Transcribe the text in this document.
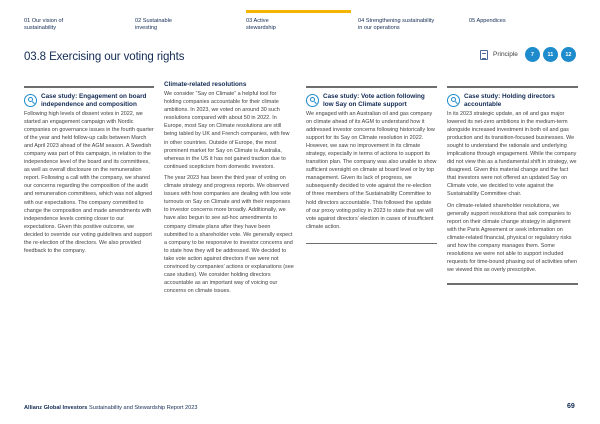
01 Our vision of
sustainability
02 Sustainable
investing
03 Active
stewardship
04 Strengthening sustainability
in our operations
05 Appendices
03.8 Exercising our voting rights	Principle	7	11	12
Case study: Engagement on board independence and composition

Following high levels of dissent votes in 2022, we started an engagement campaign with Nordic companies on governance issues in the fourth quarter of the year and held follow-up calls between March and April 2023 ahead of the AGM season. A Swedish company was part of this campaign, in relation to the independence level of the board and its committees, as well as overall disclosure on the remuneration report. Following a call with the company, we shared our concerns regarding the composition of the audit and remuneration committees, which was not aligned with our expectations. The company committed to change the composition and made amendments with independence levels coming closer to our expectations. Given this positive outcome, we decided to override our voting guidelines and support the re-election of the directors. We also provided feedback to the company.

Climate-related resolutions

We consider “Say on Climate” a helpful tool for holding companies accountable for their climate ambitions. In 2023, we voted on around 30 such resolutions compared with about 50 in 2022. In Europe, most Say on Climate resolutions are still being tabled by UK and French companies, with few in other countries. Outside of Europe, the most prominent market for Say on Climate is Australia, whereas in the US it has not gained traction due to continued scepticism from domestic investors.

The year 2023 has been the third year of voting on climate strategy and progress reports. We observed issues with how companies are dealing with low vote turnouts on Say on Climate and with their responses to investor concerns more broadly. Additionally, we have also begun to see ad-hoc amendments to company climate plans after they have been submitted to a shareholder vote. We generally expect a company to be responsive to investor concerns and to state how they will be addressed. We decided to take vote action against directors if we were not convinced by companies’ actions or explanations (see case studies). We consider holding directors accountable as an important way of voicing our concerns on climate issues.

Case study: Vote action following low Say on Climate support

We engaged with an Australian oil and gas company on climate ahead of its AGM to understand how it addressed investor concerns following historically low support for its Say on Climate resolution in 2022. However, we saw no improvement in its climate strategy, especially in terms of actions to support its transition plan. The company was also unable to show sufficient oversight on climate at board level or by top management. Given its lack of progress, we subsequently decided to vote against the re-election of three members of the Sustainability Committee to hold directors accountable. This followed the update of our proxy voting policy in 2023 to state that we will vote against directors’ election in cases of insufficient climate action.

Case study: Holding directors accountable

In its 2023 strategic update, an oil and gas major lowered its net-zero ambitions in the medium-term alongside increased investment in both oil and gas production and its transition-focused businesses. We sought to understand the rationale and underlying implications through engagement. While the company did not view this as a fundamental shift in strategy, we disagreed. Given this material change and the fact that investors were not offered an updated Say on Climate vote, we decided to vote against the Sustainability Committee chair.

On climate-related shareholder resolutions, we generally support resolutions that ask companies to report on their climate change strategy in alignment with the Paris Agreement or seek information on climate-related financial, physical or regulatory risks and how the company manages them. Some resolutions we were not able to support included requests for time-bound phasing out of activities when we viewed this as overly prescriptive.

Allianz Global Investors Sustainability and Stewardship Report 2023	69
